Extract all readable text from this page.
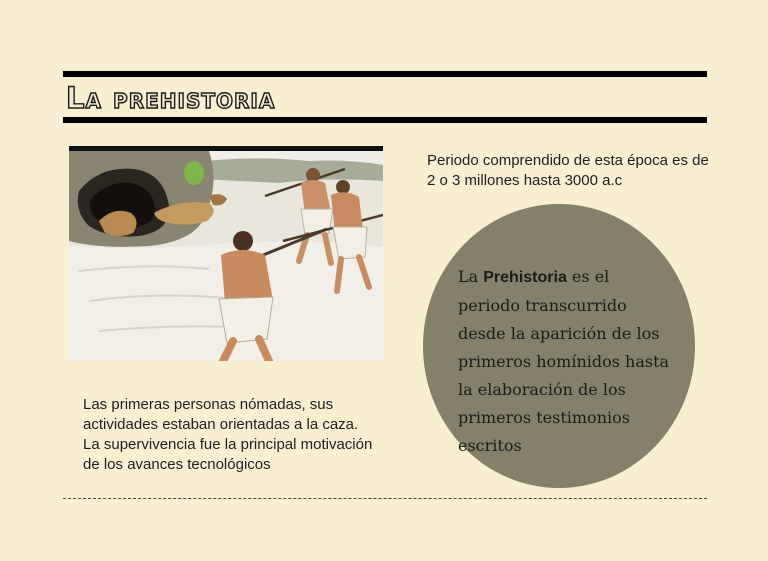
La prehistoria

Periodo comprendido de esta época es de 2 o 3 millones hasta 3000 a.c

Las primeras personas nómadas, sus actividades estaban orientadas a la caza. La supervivencia fue la principal motivación de los avances tecnológicos

La Prehistoria es el periodo transcurrido desde la aparición de los primeros homínidos hasta la elaboración de los primeros testimonios escritos
